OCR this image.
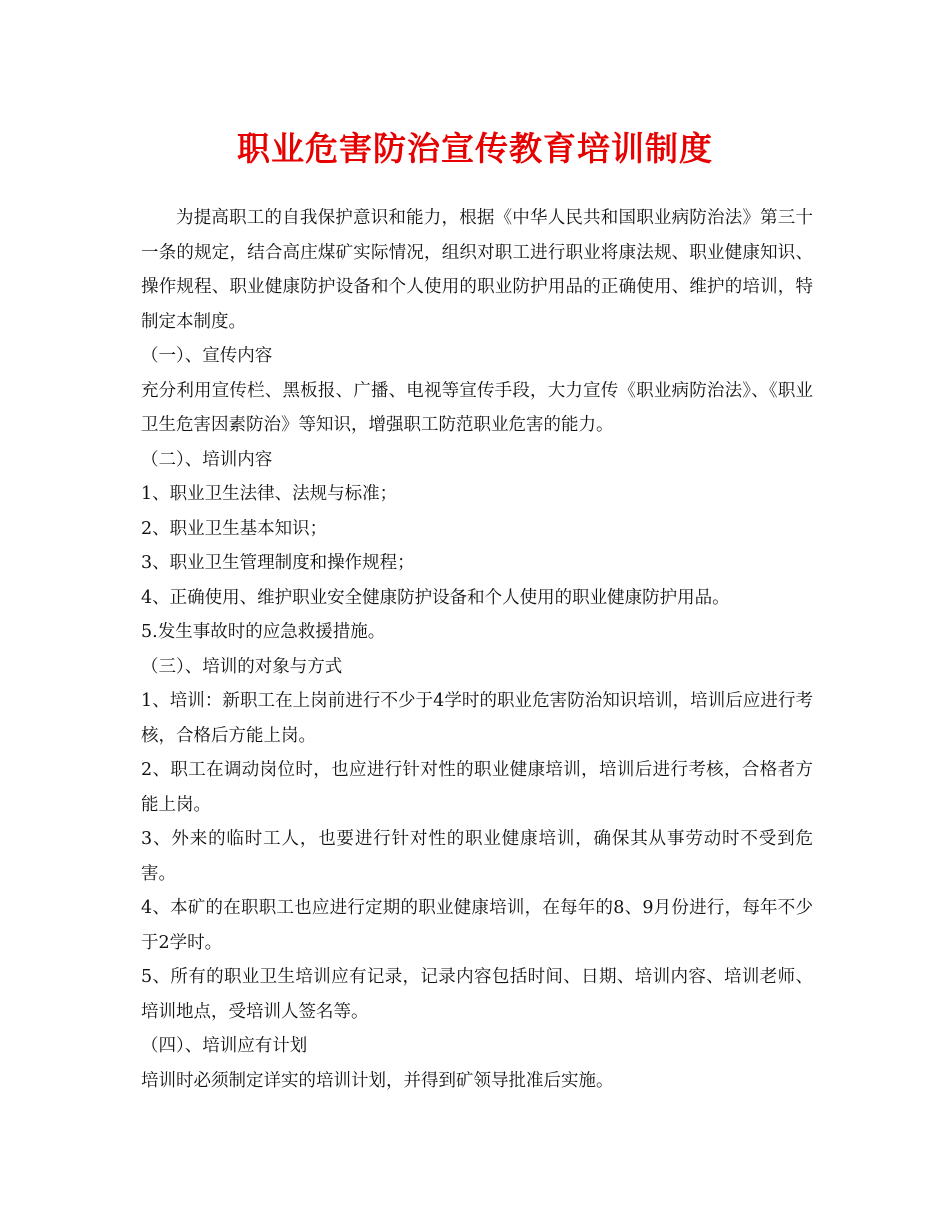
职业危害防治宣传教育培训制度

为提高职工的自我保护意识和能力，根据《中华人民共和国职业病防治法》第三十一条的规定，结合高庄煤矿实际情况，组织对职工进行职业将康法规、职业健康知识、操作规程、职业健康防护设备和个人使用的职业防护用品的正确使用、维护的培训，特制定本制度。

（一）、宣传内容

充分利用宣传栏、黑板报、广播、电视等宣传手段，大力宣传《职业病防治法》、《职业卫生危害因素防治》等知识，增强职工防范职业危害的能力。

（二）、培训内容

1、职业卫生法律、法规与标准；

2、职业卫生基本知识；

3、职业卫生管理制度和操作规程；

4、正确使用、维护职业安全健康防护设备和个人使用的职业健康防护用品。

5.发生事故时的应急救援措施。

（三）、培训的对象与方式

1、培训：新职工在上岗前进行不少于4学时的职业危害防治知识培训，培训后应进行考核，合格后方能上岗。

2、职工在调动岗位时，也应进行针对性的职业健康培训，培训后进行考核，合格者方能上岗。

3、外来的临时工人，也要进行针对性的职业健康培训，确保其从事劳动时不受到危害。

4、本矿的在职职工也应进行定期的职业健康培训，在每年的8、9月份进行，每年不少于2学时。

5、所有的职业卫生培训应有记录，记录内容包括时间、日期、培训内容、培训老师、培训地点，受培训人签名等。

（四）、培训应有计划

培训时必须制定详实的培训计划，并得到矿领导批准后实施。
